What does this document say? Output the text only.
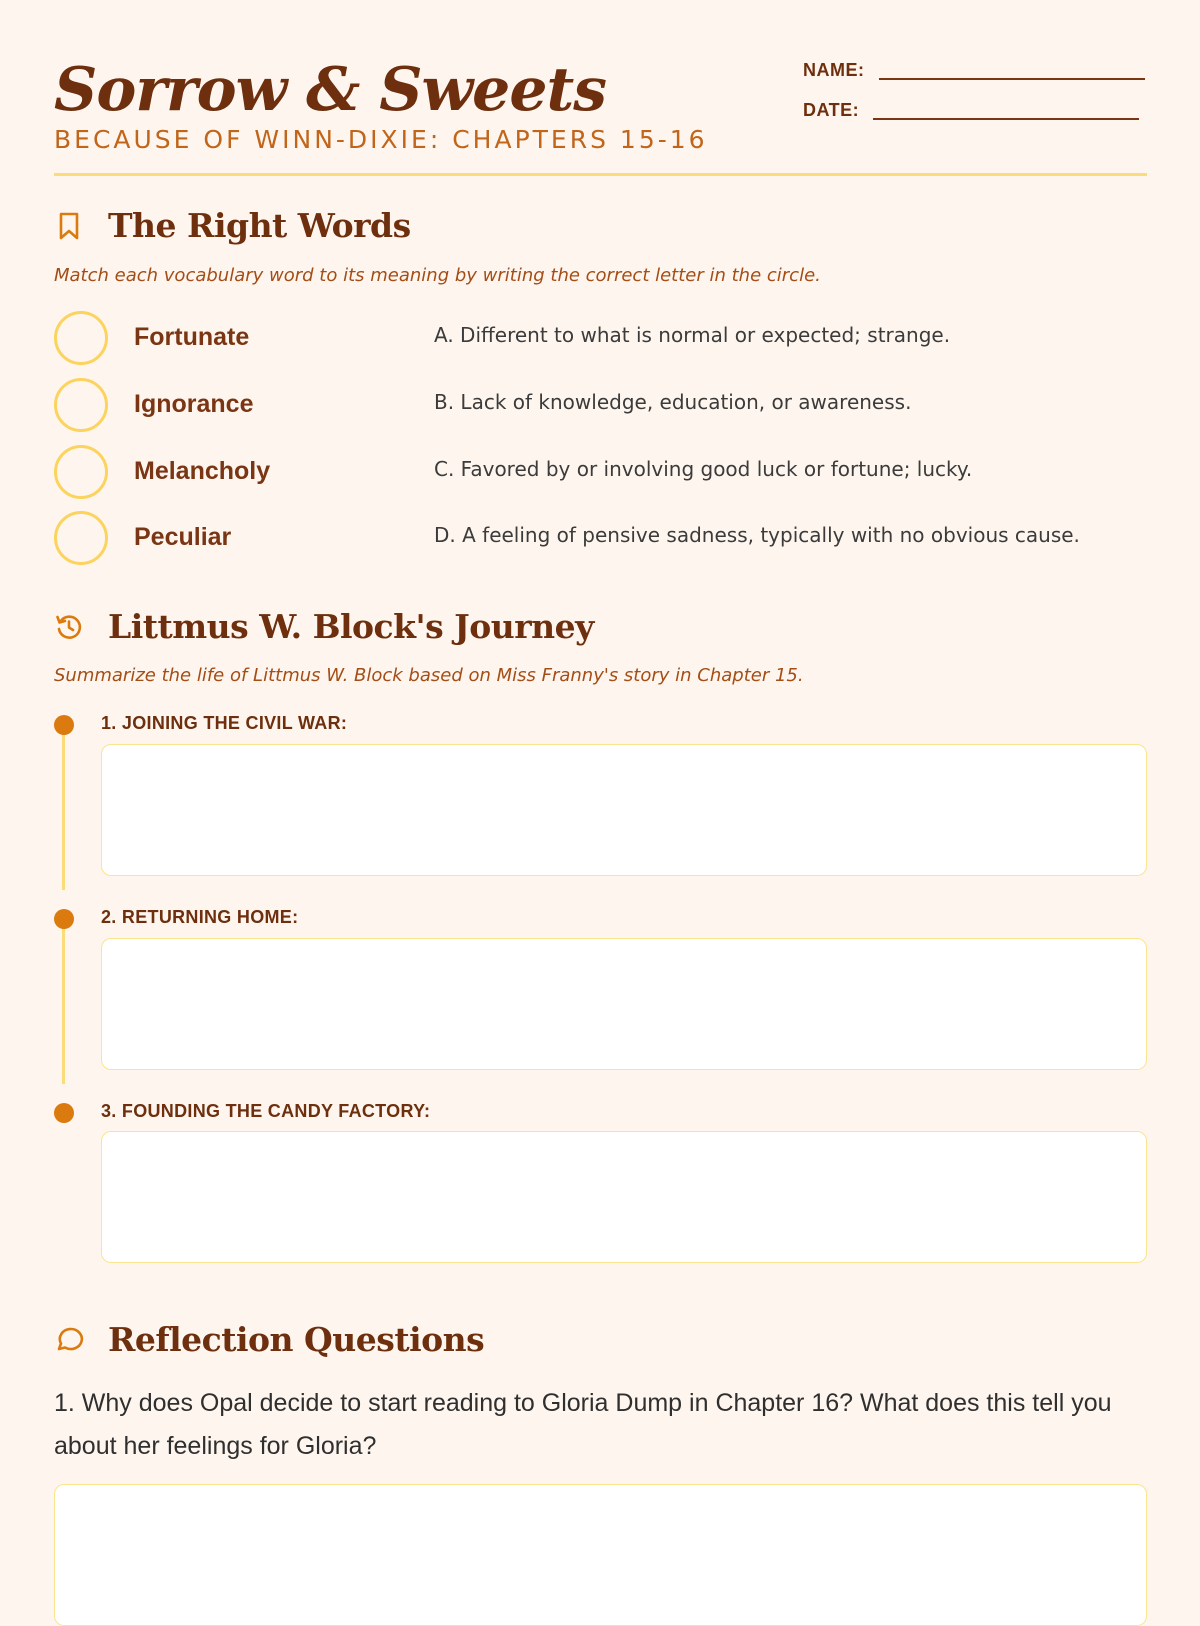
Sorrow & Sweets
BECAUSE OF WINN-DIXIE: CHAPTERS 15-16
NAME:
DATE:
The Right Words
Match each vocabulary word to its meaning by writing the correct letter in the circle.
Fortunate	A. Different to what is normal or expected; strange.
Ignorance	B. Lack of knowledge, education, or awareness.
Melancholy	C. Favored by or involving good luck or fortune; lucky.
Peculiar	D. A feeling of pensive sadness, typically with no obvious cause.
Littmus W. Block's Journey
Summarize the life of Littmus W. Block based on Miss Franny's story in Chapter 15.
1. JOINING THE CIVIL WAR:
2. RETURNING HOME:
3. FOUNDING THE CANDY FACTORY:
Reflection Questions
1. Why does Opal decide to start reading to Gloria Dump in Chapter 16? What does this tell you about her feelings for Gloria?
